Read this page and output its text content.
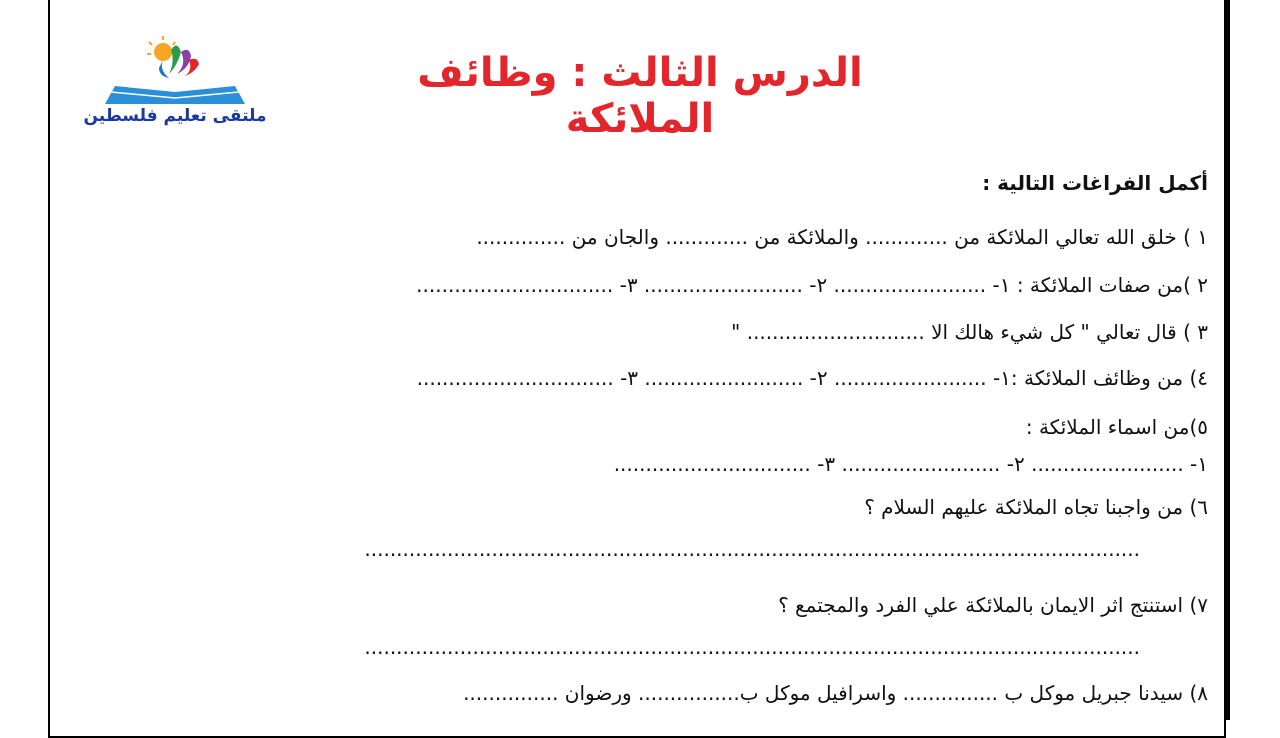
ملتقى تعليم فلسطين
الدرس الثالث : وظائف الملائكة
أكمل الفراغات التالية :
١ ) خلق الله تعالي الملائكة من ............. والملائكة من ............. والجان من ..............
٢ )من صفات الملائكة : ١- ........................ ٢- ......................... ٣- ...............................
٣ ) قال تعالي " كل شيء هالك الا ............................ "
٤) من وظائف الملائكة :١- ........................ ٢- ......................... ٣- ...............................
٥)من اسماء الملائكة :
١- ........................ ٢- ......................... ٣- ...............................
٦) من واجبنا تجاه الملائكة عليهم السلام ؟
..........................................................................................................................
٧) استنتج اثر الايمان بالملائكة علي الفرد والمجتمع ؟
..........................................................................................................................
٨) سيدنا جبريل موكل ب ............... واسرافيل موكل ب................ ورضوان ...............
